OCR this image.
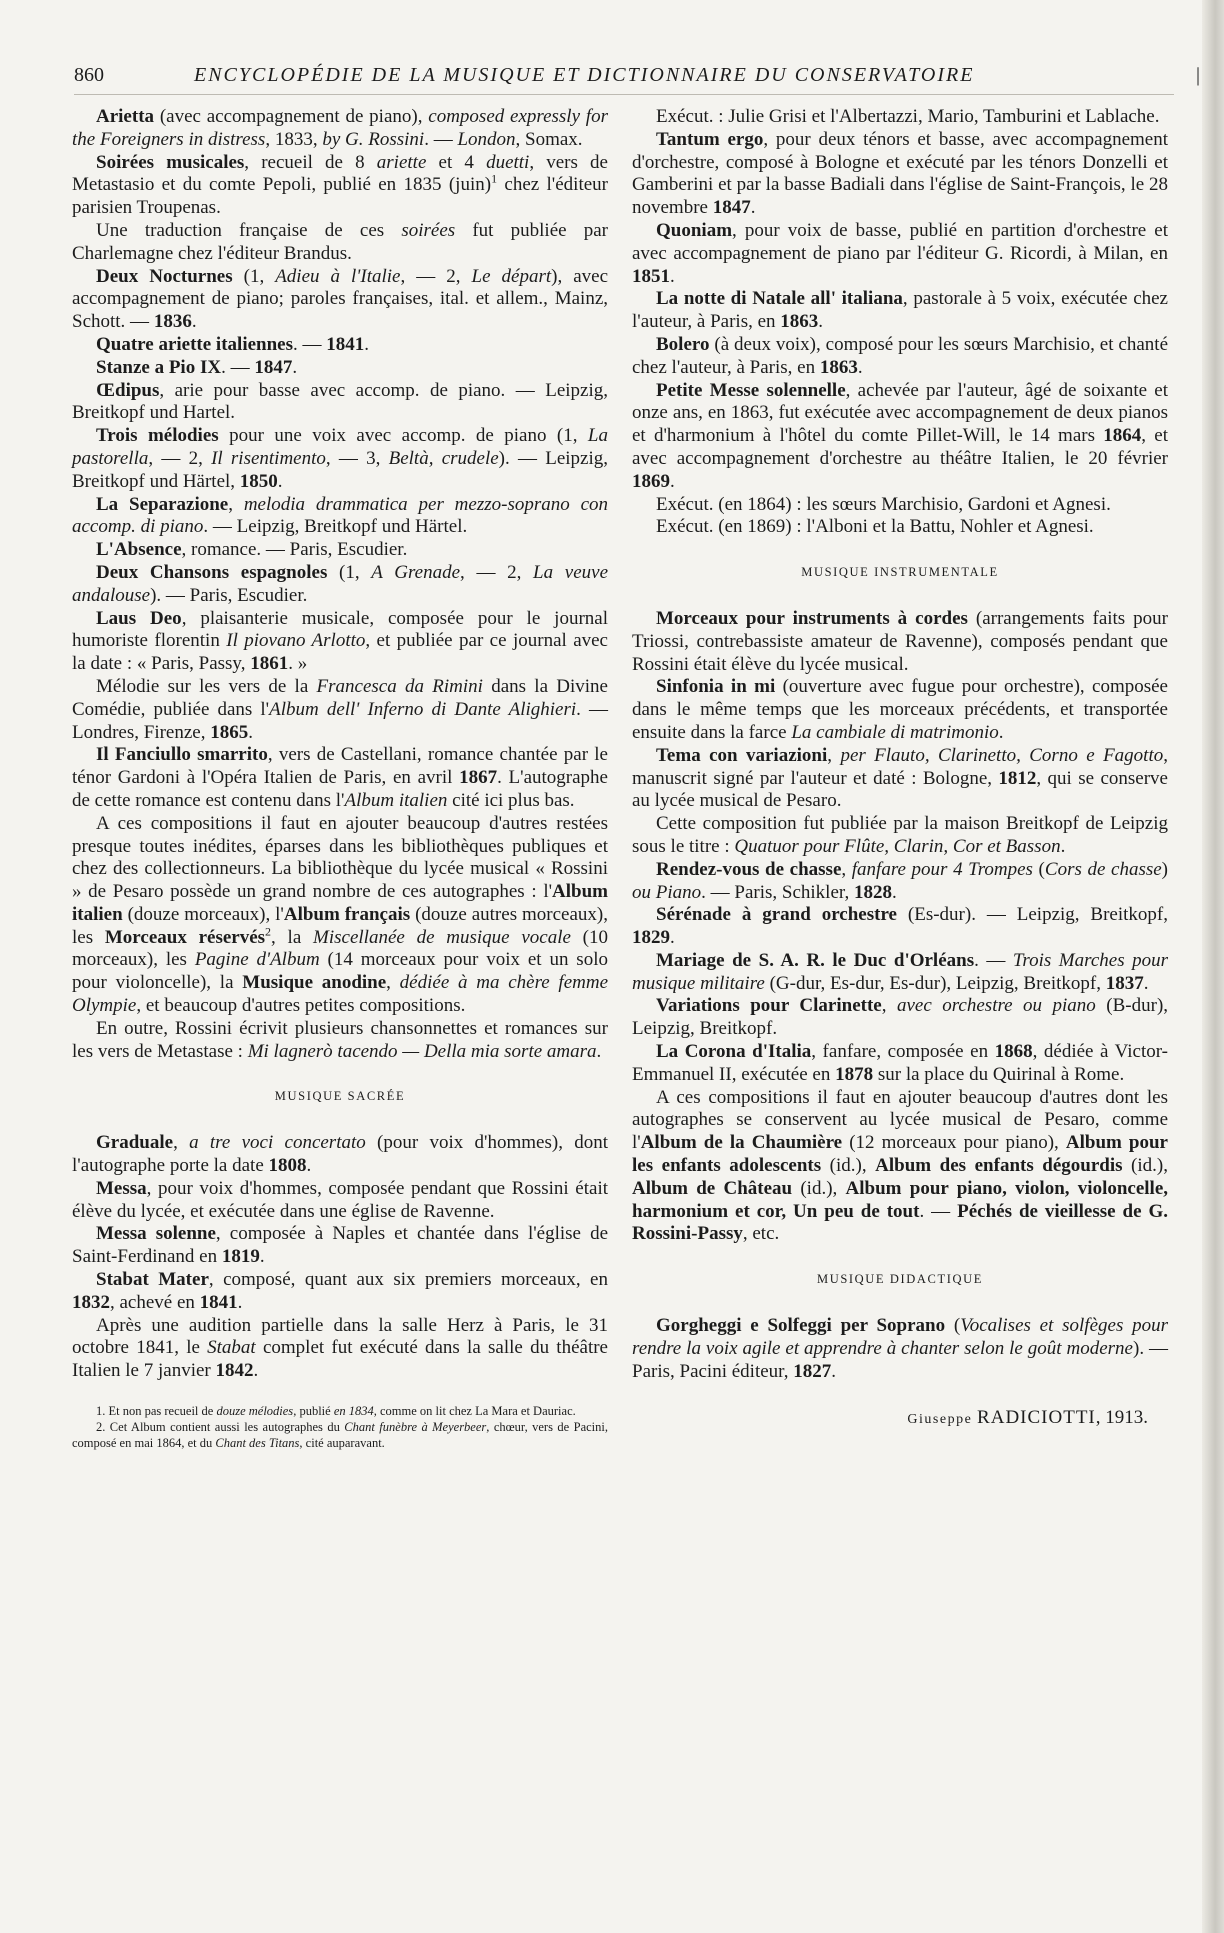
860	ENCYCLOPÉDIE DE LA MUSIQUE ET DICTIONNAIRE DU CONSERVATOIRE	|

Arietta (avec accompagnement de piano), composed expressly for the Foreigners in distress, 1833, by G. Rossini. — London, Somax.

Soirées musicales, recueil de 8 ariette et 4 duetti, vers de Metastasio et du comte Pepoli, publié en 1835 (juin)$^1$ chez l'éditeur parisien Troupenas.

Une traduction française de ces soirées fut publiée par Charlemagne chez l'éditeur Brandus.

Deux Nocturnes (1, Adieu à l'Italie, — 2, Le départ), avec accompagnement de piano; paroles françaises, ital. et allem., Mainz, Schott. — 1836.

Quatre ariette italiennes. — 1841.

Stanze a Pio IX. — 1847.

Œdipus, arie pour basse avec accomp. de piano. — Leipzig, Breitkopf und Hartel.

Trois mélodies pour une voix avec accomp. de piano (1, La pastorella, — 2, Il risentimento, — 3, Beltà, crudele). — Leipzig, Breitkopf und Härtel, 1850.

La Separazione, melodia drammatica per mezzo-soprano con accomp. di piano. — Leipzig, Breitkopf und Härtel.

L'Absence, romance. — Paris, Escudier.

Deux Chansons espagnoles (1, A Grenade, — 2, La veuve andalouse). — Paris, Escudier.

Laus Deo, plaisanterie musicale, composée pour le journal humoriste florentin Il piovano Arlotto, et publiée par ce journal avec la date : « Paris, Passy, 1861. »

Mélodie sur les vers de la Francesca da Rimini dans la Divine Comédie, publiée dans l'Album dell' Inferno di Dante Alighieri. — Londres, Firenze, 1865.

Il Fanciullo smarrito, vers de Castellani, romance chantée par le ténor Gardoni à l'Opéra Italien de Paris, en avril 1867. L'autographe de cette romance est contenu dans l'Album italien cité ici plus bas.

A ces compositions il faut en ajouter beaucoup d'autres restées presque toutes inédites, éparses dans les bibliothèques publiques et chez des collectionneurs. La bibliothèque du lycée musical « Rossini » de Pesaro possède un grand nombre de ces autographes : l'Album italien (douze morceaux), l'Album français (douze autres morceaux), les Morceaux réservés$^2$, la Miscellanée de musique vocale (10 morceaux), les Pagine d'Album (14 morceaux pour voix et un solo pour violoncelle), la Musique anodine, dédiée à ma chère femme Olympie, et beaucoup d'autres petites compositions.

En outre, Rossini écrivit plusieurs chansonnettes et romances sur les vers de Metastase : Mi lagnerò tacendo — Della mia sorte amara.

MUSIQUE SACRÉE

Graduale, a tre voci concertato (pour voix d'hommes), dont l'autographe porte la date 1808.

Messa, pour voix d'hommes, composée pendant que Rossini était élève du lycée, et exécutée dans une église de Ravenne.

Messa solenne, composée à Naples et chantée dans l'église de Saint-Ferdinand en 1819.

Stabat Mater, composé, quant aux six premiers morceaux, en 1832, achevé en 1841.

Après une audition partielle dans la salle Herz à Paris, le 31 octobre 1841, le Stabat complet fut exécuté dans la salle du théâtre Italien le 7 janvier 1842.

1. Et non pas recueil de douze mélodies, publié en 1834, comme on lit chez La Mara et Dauriac.

2. Cet Album contient aussi les autographes du Chant funèbre à Meyerbeer, chœur, vers de Pacini, composé en mai 1864, et du Chant des Titans, cité auparavant.

Exécut. : Julie Grisi et l'Albertazzi, Mario, Tamburini et Lablache.

Tantum ergo, pour deux ténors et basse, avec accompagnement d'orchestre, composé à Bologne et exécuté par les ténors Donzelli et Gamberini et par la basse Badiali dans l'église de Saint-François, le 28 novembre 1847.

Quoniam, pour voix de basse, publié en partition d'orchestre et avec accompagnement de piano par l'éditeur G. Ricordi, à Milan, en 1851.

La notte di Natale all' italiana, pastorale à 5 voix, exécutée chez l'auteur, à Paris, en 1863.

Bolero (à deux voix), composé pour les sœurs Marchisio, et chanté chez l'auteur, à Paris, en 1863.

Petite Messe solennelle, achevée par l'auteur, âgé de soixante et onze ans, en 1863, fut exécutée avec accompagnement de deux pianos et d'harmonium à l'hôtel du comte Pillet-Will, le 14 mars 1864, et avec accompagnement d'orchestre au théâtre Italien, le 20 février 1869.

Exécut. (en 1864) : les sœurs Marchisio, Gardoni et Agnesi.

Exécut. (en 1869) : l'Alboni et la Battu, Nohler et Agnesi.

MUSIQUE INSTRUMENTALE

Morceaux pour instruments à cordes (arrangements faits pour Triossi, contrebassiste amateur de Ravenne), composés pendant que Rossini était élève du lycée musical.

Sinfonia in mi (ouverture avec fugue pour orchestre), composée dans le même temps que les morceaux précédents, et transportée ensuite dans la farce La cambiale di matrimonio.

Tema con variazioni, per Flauto, Clarinetto, Corno e Fagotto, manuscrit signé par l'auteur et daté : Bologne, 1812, qui se conserve au lycée musical de Pesaro.

Cette composition fut publiée par la maison Breitkopf de Leipzig sous le titre : Quatuor pour Flûte, Clarin, Cor et Basson.

Rendez-vous de chasse, fanfare pour 4 Trompes (Cors de chasse) ou Piano. — Paris, Schikler, 1828.

Sérénade à grand orchestre (Es-dur). — Leipzig, Breitkopf, 1829.

Mariage de S. A. R. le Duc d'Orléans. — Trois Marches pour musique militaire (G-dur, Es-dur, Es-dur), Leipzig, Breitkopf, 1837.

Variations pour Clarinette, avec orchestre ou piano (B-dur), Leipzig, Breitkopf.

La Corona d'Italia, fanfare, composée en 1868, dédiée à Victor-Emmanuel II, exécutée en 1878 sur la place du Quirinal à Rome.

A ces compositions il faut en ajouter beaucoup d'autres dont les autographes se conservent au lycée musical de Pesaro, comme l'Album de la Chaumière (12 morceaux pour piano), Album pour les enfants adolescents (id.), Album des enfants dégourdis (id.), Album de Château (id.), Album pour piano, violon, violoncelle, harmonium et cor, Un peu de tout. — Péchés de vieillesse de G. Rossini-Passy, etc.

MUSIQUE DIDACTIQUE

Gorgheggi e Solfeggi per Soprano (Vocalises et solfèges pour rendre la voix agile et apprendre à chanter selon le goût moderne). — Paris, Pacini éditeur, 1827.

Giuseppe RADICIOTTI, 1913.
